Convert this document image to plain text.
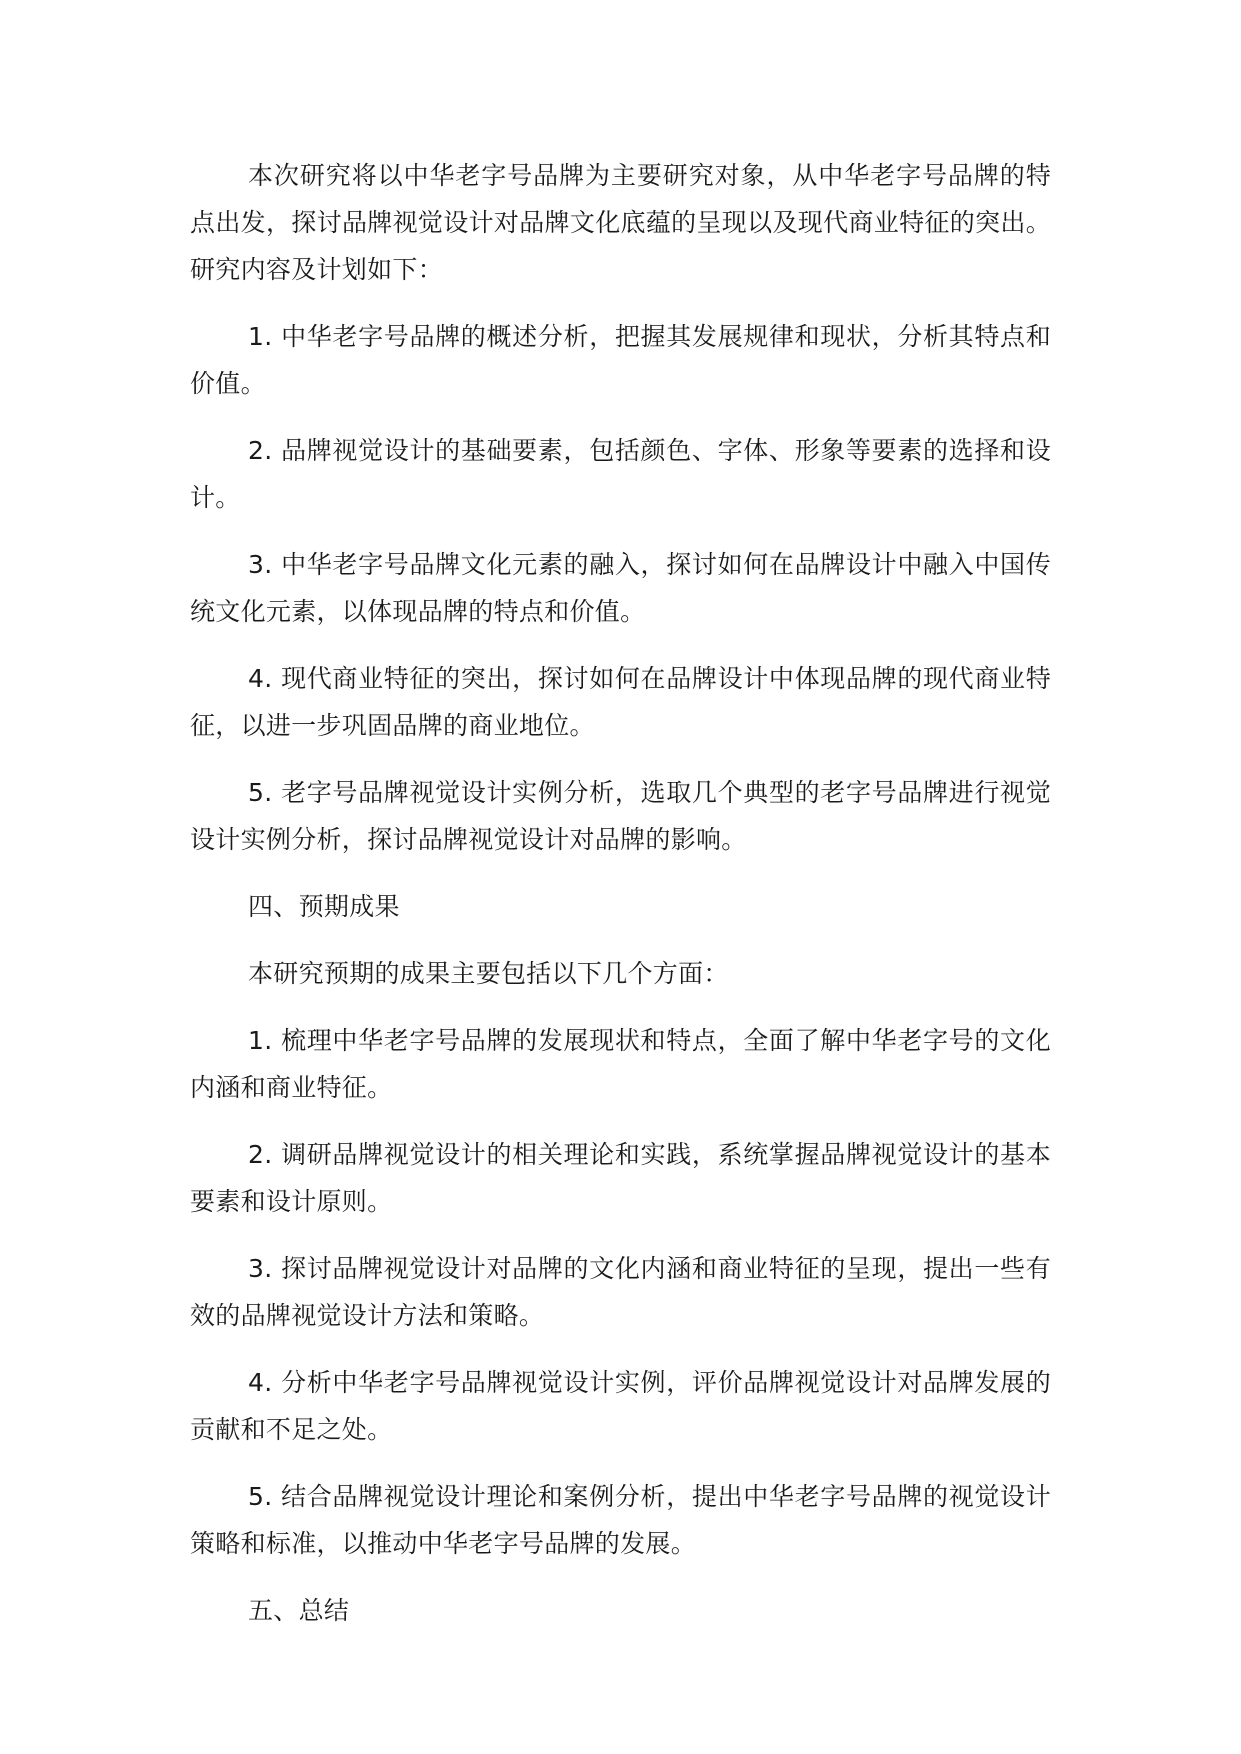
本次研究将以中华老字号品牌为主要研究对象，从中华老字号品牌的特点出发，探讨品牌视觉设计对品牌文化底蕴的呈现以及现代商业特征的突出。研究内容及计划如下：

1. 中华老字号品牌的概述分析，把握其发展规律和现状，分析其特点和价值。

2. 品牌视觉设计的基础要素，包括颜色、字体、形象等要素的选择和设计。

3. 中华老字号品牌文化元素的融入，探讨如何在品牌设计中融入中国传统文化元素，以体现品牌的特点和价值。

4. 现代商业特征的突出，探讨如何在品牌设计中体现品牌的现代商业特征，以进一步巩固品牌的商业地位。

5. 老字号品牌视觉设计实例分析，选取几个典型的老字号品牌进行视觉设计实例分析，探讨品牌视觉设计对品牌的影响。

四、预期成果

本研究预期的成果主要包括以下几个方面：

1. 梳理中华老字号品牌的发展现状和特点，全面了解中华老字号的文化内涵和商业特征。

2. 调研品牌视觉设计的相关理论和实践，系统掌握品牌视觉设计的基本要素和设计原则。

3. 探讨品牌视觉设计对品牌的文化内涵和商业特征的呈现，提出一些有效的品牌视觉设计方法和策略。

4. 分析中华老字号品牌视觉设计实例，评价品牌视觉设计对品牌发展的贡献和不足之处。

5. 结合品牌视觉设计理论和案例分析，提出中华老字号品牌的视觉设计策略和标准，以推动中华老字号品牌的发展。

五、总结
